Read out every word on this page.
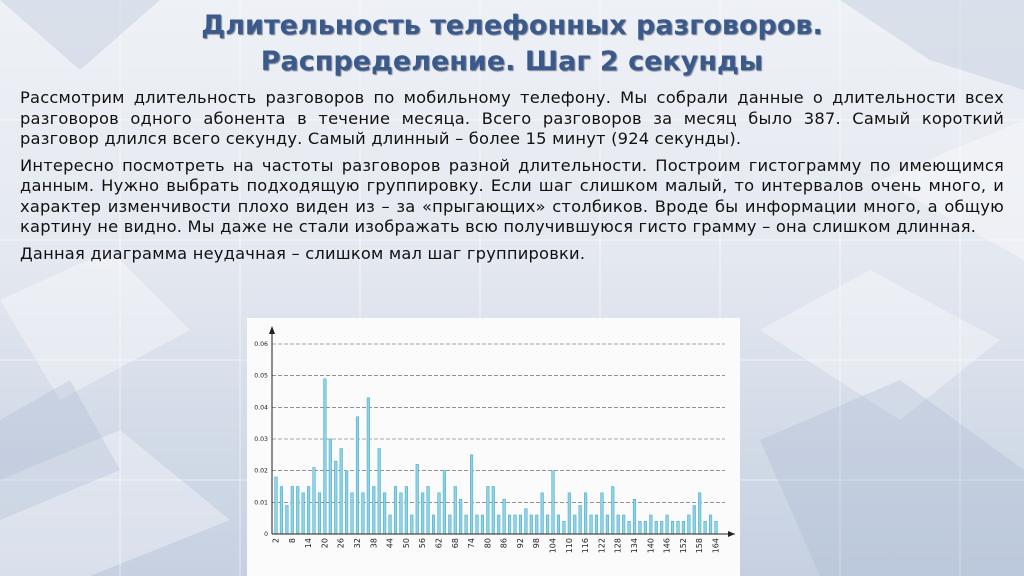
Длительность телефонных разговоров.
Распределение. Шаг 2 секунды

Рассмотрим длительность разговоров по мобильному телефону. Мы собрали данные о длительности всех разговоров одного абонента в течение месяца. Всего разговоров за месяц было 387. Самый короткий разговор длился всего секунду. Самый длинный – более 15 минут (924 секунды).

Интересно посмотреть на частоты разговоров разной длительности. Построим гистограмму по имеющимся данным. Нужно выбрать подходящую группировку. Если шаг слишком малый, то интервалов очень много, и характер изменчивости плохо виден из – за «прыгающих» столбиков. Вроде бы информации много, а общую картину не видно. Мы даже не стали изображать всю получившуюся гисто грамму – она слишком длинная.

Данная диаграмма неудачная – слишком мал шаг группировки.

0
0.01
0.02
0.03
0.04
0.05
0.06
2 8 14 20 26 32 38 44 50 56 62 68 74 80 86 92 98 104 110 116 122 128 134 140 146 152 158 164
